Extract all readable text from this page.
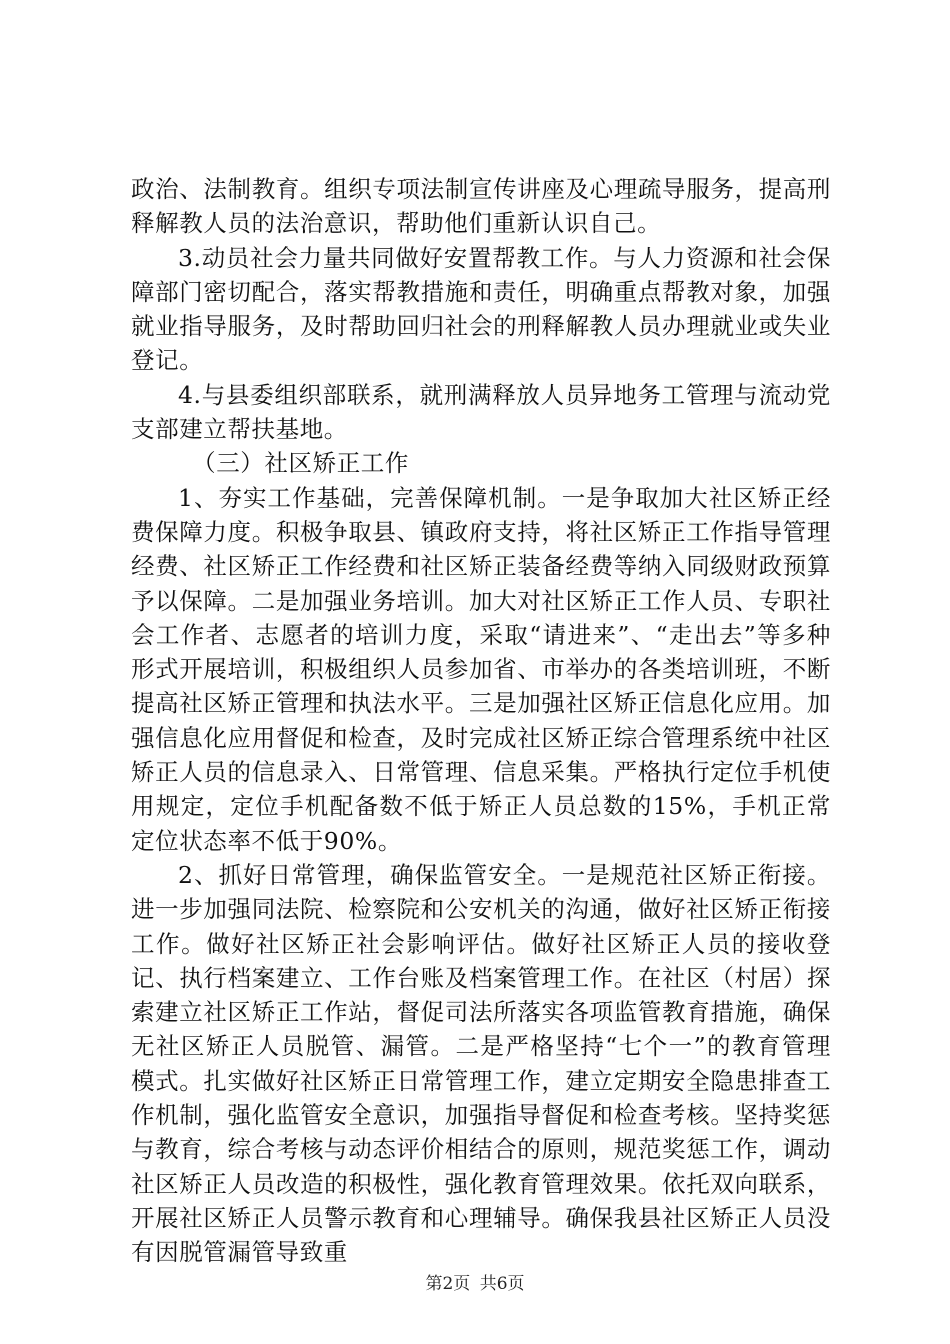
政治、法制教育。组织专项法制宣传讲座及心理疏导服务，提高刑释解教人员的法治意识，帮助他们重新认识自己。

3.动员社会力量共同做好安置帮教工作。与人力资源和社会保障部门密切配合，落实帮教措施和责任，明确重点帮教对象，加强就业指导服务，及时帮助回归社会的刑释解教人员办理就业或失业登记。

4.与县委组织部联系，就刑满释放人员异地务工管理与流动党支部建立帮扶基地。

（三）社区矫正工作

1、夯实工作基础，完善保障机制。一是争取加大社区矫正经费保障力度。积极争取县、镇政府支持，将社区矫正工作指导管理经费、社区矫正工作经费和社区矫正装备经费等纳入同级财政预算予以保障。二是加强业务培训。加大对社区矫正工作人员、专职社会工作者、志愿者的培训力度，采取“请进来”、“走出去”等多种形式开展培训，积极组织人员参加省、市举办的各类培训班，不断提高社区矫正管理和执法水平。三是加强社区矫正信息化应用。加强信息化应用督促和检查，及时完成社区矫正综合管理系统中社区矫正人员的信息录入、日常管理、信息采集。严格执行定位手机使用规定，定位手机配备数不低于矫正人员总数的15%，手机正常定位状态率不低于90%。

2、抓好日常管理，确保监管安全。一是规范社区矫正衔接。进一步加强同法院、检察院和公安机关的沟通，做好社区矫正衔接工作。做好社区矫正社会影响评估。做好社区矫正人员的接收登记、执行档案建立、工作台账及档案管理工作。在社区（村居）探索建立社区矫正工作站，督促司法所落实各项监管教育措施，确保无社区矫正人员脱管、漏管。二是严格坚持“七个一”的教育管理模式。扎实做好社区矫正日常管理工作，建立定期安全隐患排查工作机制，强化监管安全意识，加强指导督促和检查考核。坚持奖惩与教育，综合考核与动态评价相结合的原则，规范奖惩工作，调动社区矫正人员改造的积极性，强化教育管理效果。依托双向联系，开展社区矫正人员警示教育和心理辅导。确保我县社区矫正人员没有因脱管漏管导致重

第2页 共6页
